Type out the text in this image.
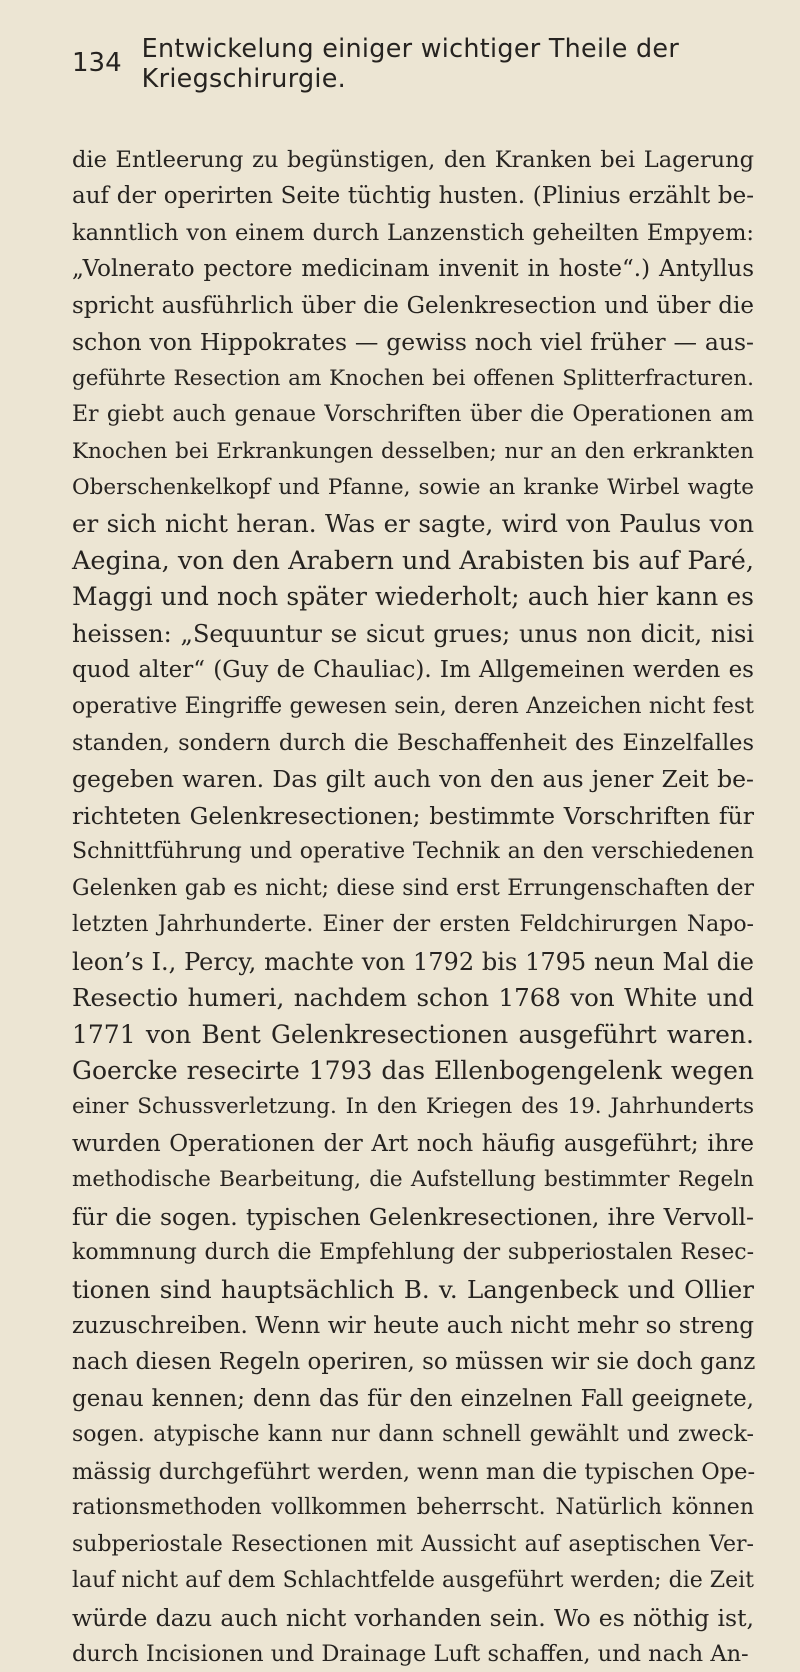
134 Entwickelung einiger wichtiger Theile der Kriegschirurgie.
die Entleerung zu begünstigen, den Kranken bei Lagerung
auf der operirten Seite tüchtig husten. (Plinius erzählt be-
kanntlich von einem durch Lanzenstich geheilten Empyem:
„Volnerato pectore medicinam invenit in hoste“.) Antyllus
spricht ausführlich über die Gelenkresection und über die
schon von Hippokrates — gewiss noch viel früher — aus-
geführte Resection am Knochen bei offenen Splitterfracturen.
Er giebt auch genaue Vorschriften über die Operationen am
Knochen bei Erkrankungen desselben; nur an den erkrankten
Oberschenkelkopf und Pfanne, sowie an kranke Wirbel wagte
er sich nicht heran. Was er sagte, wird von Paulus von
Aegina, von den Arabern und Arabisten bis auf Paré,
Maggi und noch später wiederholt; auch hier kann es
heissen: „Sequuntur se sicut grues; unus non dicit, nisi
quod alter“ (Guy de Chauliac). Im Allgemeinen werden es
operative Eingriffe gewesen sein, deren Anzeichen nicht fest
standen, sondern durch die Beschaffenheit des Einzelfalles
gegeben waren. Das gilt auch von den aus jener Zeit be-
richteten Gelenkresectionen; bestimmte Vorschriften für
Schnittführung und operative Technik an den verschiedenen
Gelenken gab es nicht; diese sind erst Errungenschaften der
letzten Jahrhunderte. Einer der ersten Feldchirurgen Napo-
leon’s I., Percy, machte von 1792 bis 1795 neun Mal die
Resectio humeri, nachdem schon 1768 von White und
1771 von Bent Gelenkresectionen ausgeführt waren.
Goercke resecirte 1793 das Ellenbogengelenk wegen
einer Schussverletzung. In den Kriegen des 19. Jahrhunderts
wurden Operationen der Art noch häufig ausgeführt; ihre
methodische Bearbeitung, die Aufstellung bestimmter Regeln
für die sogen. typischen Gelenkresectionen, ihre Vervoll-
kommnung durch die Empfehlung der subperiostalen Resec-
tionen sind hauptsächlich B. v. Langenbeck und Ollier
zuzuschreiben. Wenn wir heute auch nicht mehr so streng
nach diesen Regeln operiren, so müssen wir sie doch ganz
genau kennen; denn das für den einzelnen Fall geeignete,
sogen. atypische kann nur dann schnell gewählt und zweck-
mässig durchgeführt werden, wenn man die typischen Ope-
rationsmethoden vollkommen beherrscht. Natürlich können
subperiostale Resectionen mit Aussicht auf aseptischen Ver-
lauf nicht auf dem Schlachtfelde ausgeführt werden; die Zeit
würde dazu auch nicht vorhanden sein. Wo es nöthig ist,
durch Incisionen und Drainage Luft schaffen, und nach An-
